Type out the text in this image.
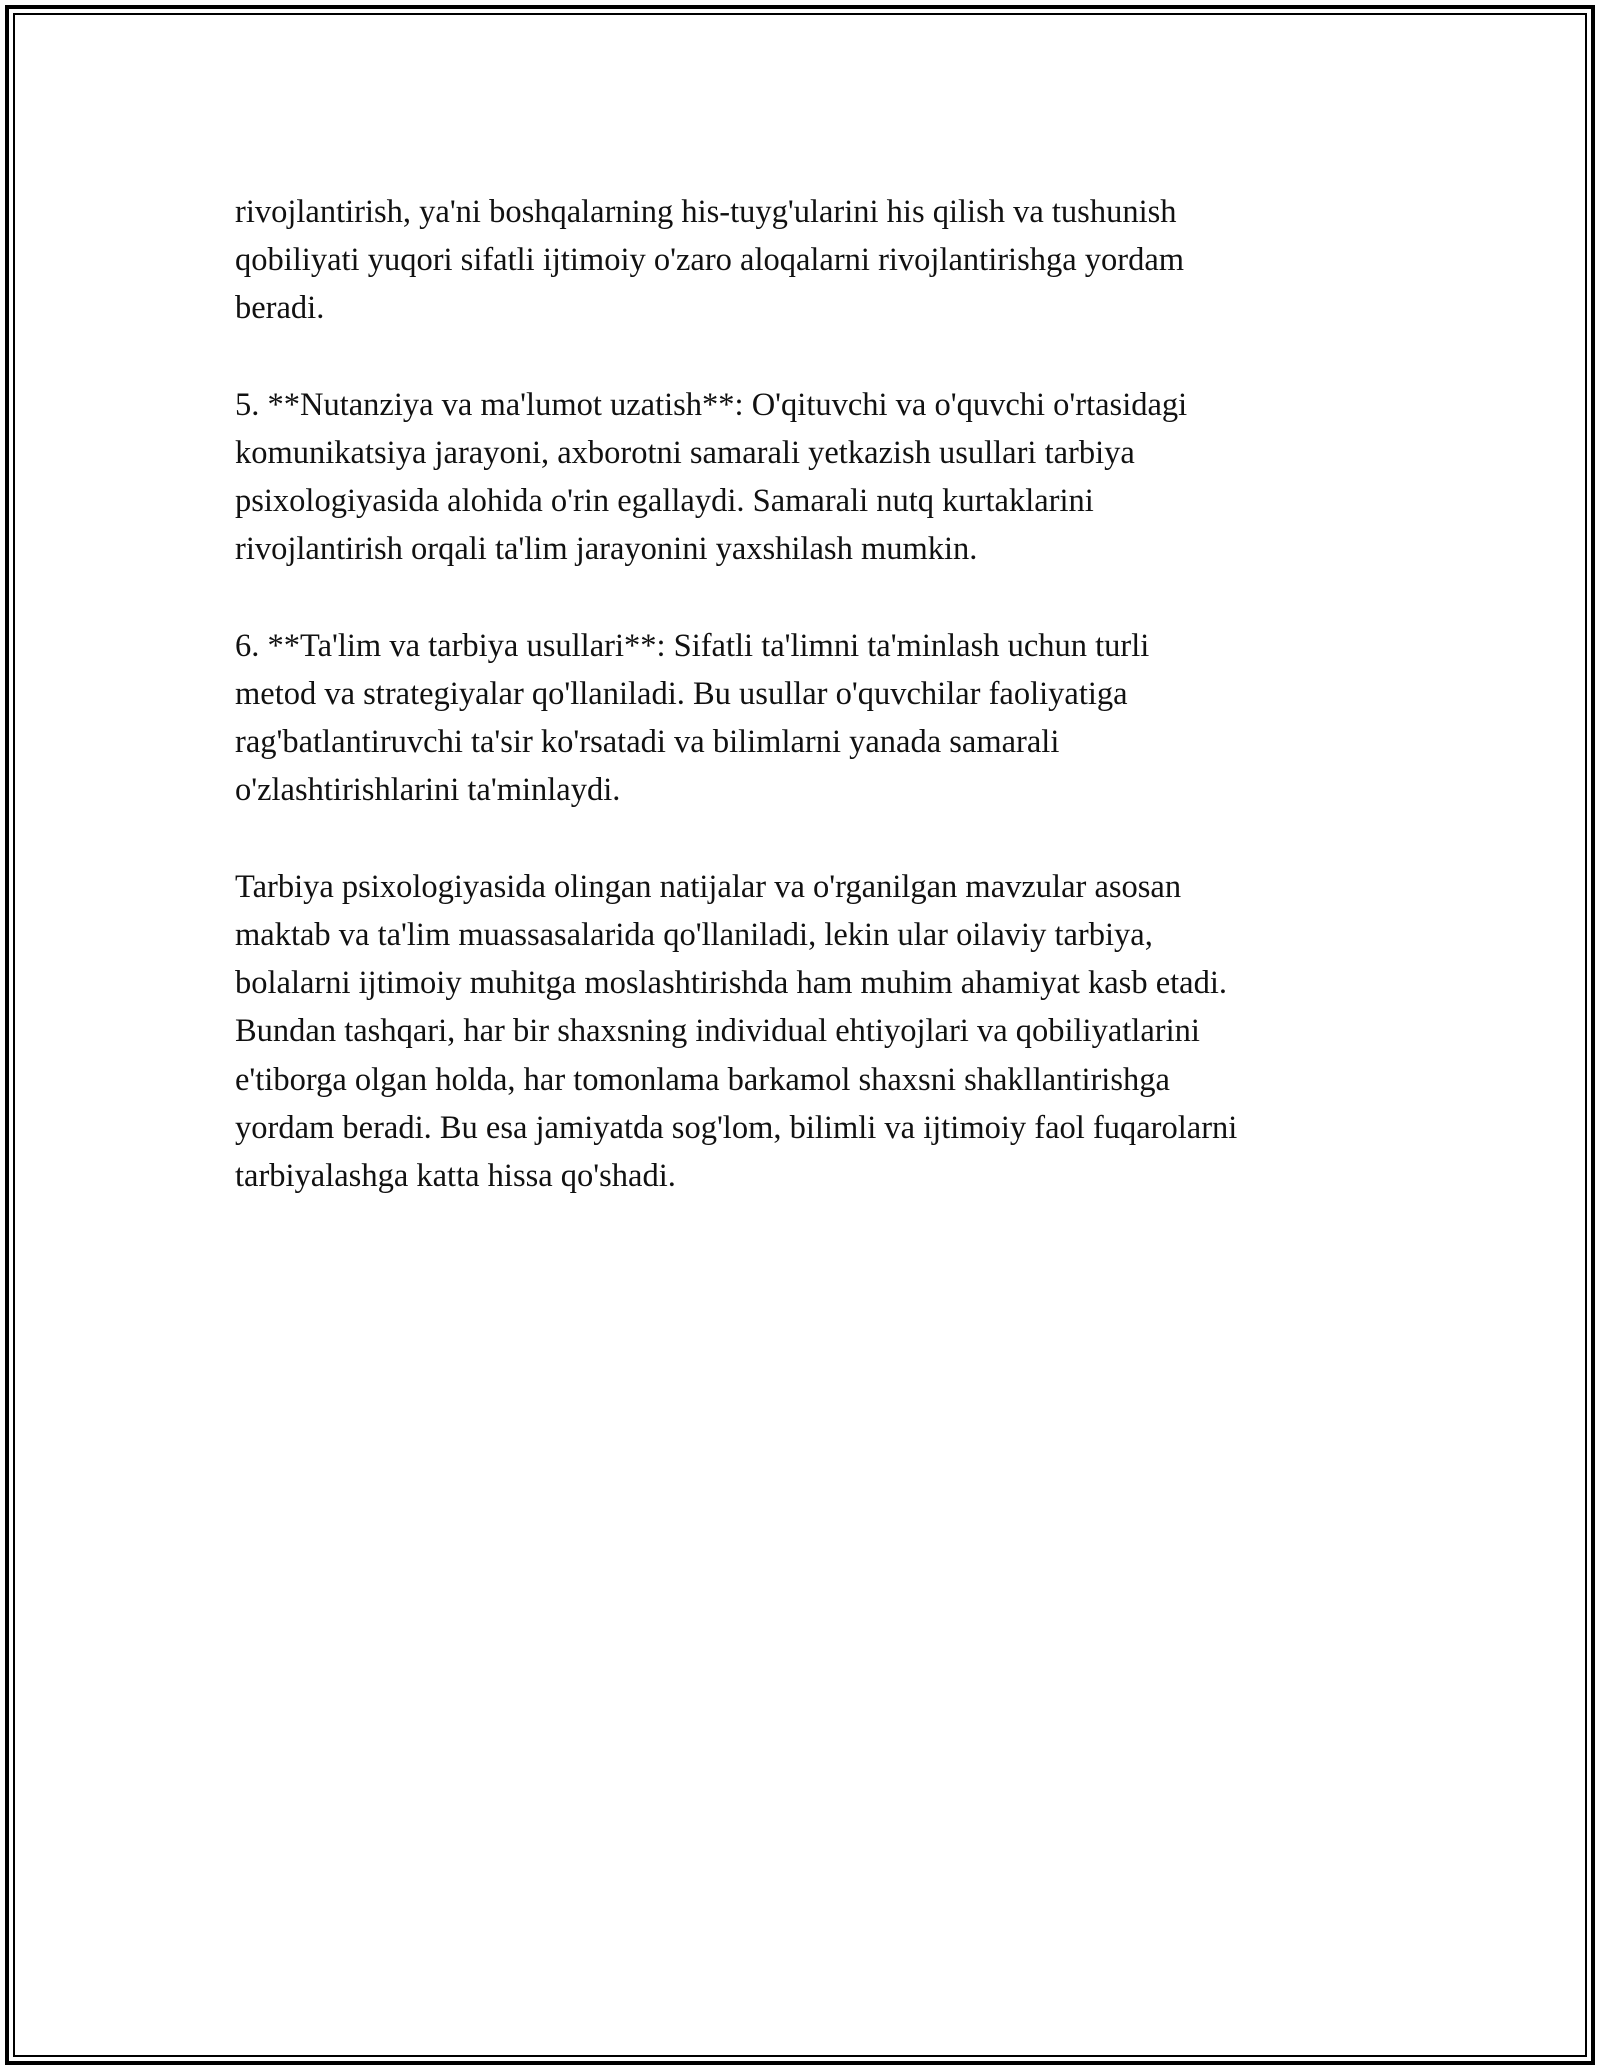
rivojlantirish, ya'ni boshqalarning his-tuyg'ularini his qilish va tushunish
qobiliyati yuqori sifatli ijtimoiy o'zaro aloqalarni rivojlantirishga yordam
beradi.

5. **Nutanziya va ma'lumot uzatish**: O'qituvchi va o'quvchi o'rtasidagi
komunikatsiya jarayoni, axborotni samarali yetkazish usullari tarbiya
psixologiyasida alohida o'rin egallaydi. Samarali nutq kurtaklarini
rivojlantirish orqali ta'lim jarayonini yaxshilash mumkin.

6. **Ta'lim va tarbiya usullari**: Sifatli ta'limni ta'minlash uchun turli
metod va strategiyalar qo'llaniladi. Bu usullar o'quvchilar faoliyatiga
rag'batlantiruvchi ta'sir ko'rsatadi va bilimlarni yanada samarali
o'zlashtirishlarini ta'minlaydi.

Tarbiya psixologiyasida olingan natijalar va o'rganilgan mavzular asosan
maktab va ta'lim muassasalarida qo'llaniladi, lekin ular oilaviy tarbiya,
bolalarni ijtimoiy muhitga moslashtirishda ham muhim ahamiyat kasb etadi.
Bundan tashqari, har bir shaxsning individual ehtiyojlari va qobiliyatlarini
e'tiborga olgan holda, har tomonlama barkamol shaxsni shakllantirishga
yordam beradi. Bu esa jamiyatda sog'lom, bilimli va ijtimoiy faol fuqarolarni
tarbiyalashga katta hissa qo'shadi.
